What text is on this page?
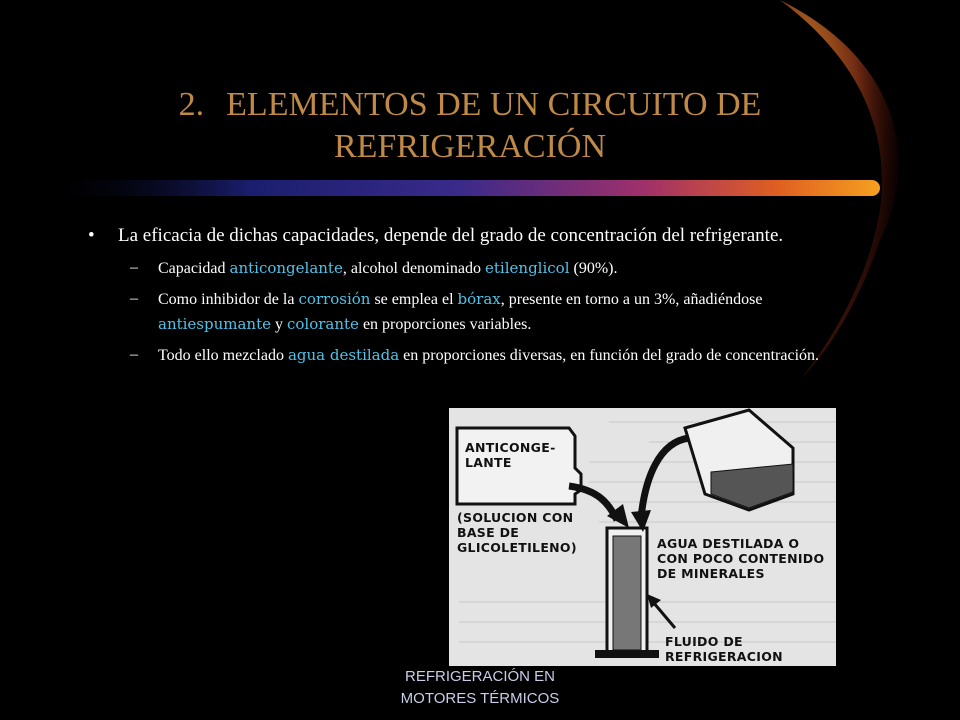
2. ELEMENTOS DE UN CIRCUITO DE
REFRIGERACIÓN
• La eficacia de dichas capacidades, depende del grado de concentración del refrigerante.
– Capacidad anticongelante, alcohol denominado etilenglicol (90%).
– Como inhibidor de la corrosión se emplea el bórax, presente en torno a un 3%, añadiéndose antiespumante y colorante en proporciones variables.
– Todo ello mezclado agua destilada en proporciones diversas, en función del grado de concentración.
ANTICONGE-
LANTE
(SOLUCION CON
BASE DE
GLICOLETILENO)	AGUA DESTILADA O
CON POCO CONTENIDO
DE MINERALES
FLUIDO DE
REFRIGERACION
REFRIGERACIÓN EN
MOTORES TÉRMICOS
